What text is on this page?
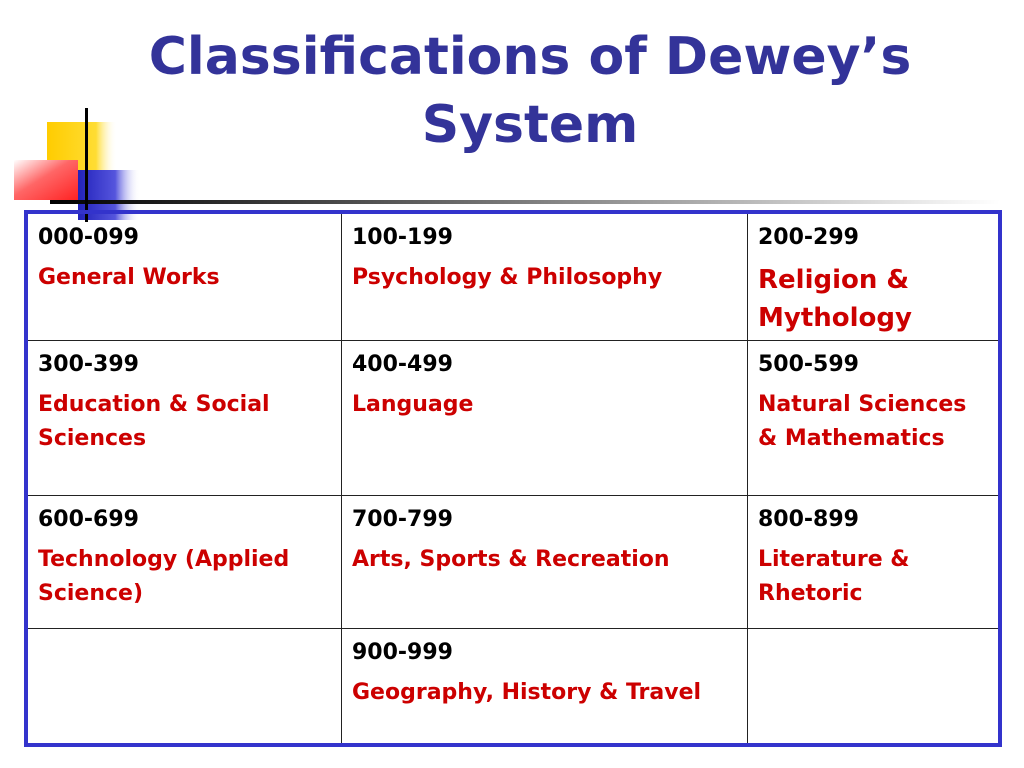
Classifications of Dewey’s
System
000-099
General Works
100-199
Psychology & Philosophy
200-299
Religion & Mythology
300-399
Education & Social Sciences
400-499
Language
500-599
Natural Sciences & Mathematics
600-699
Technology (Applied Science)
700-799
Arts, Sports & Recreation
800-899
Literature & Rhetoric
900-999
Geography, History & Travel
